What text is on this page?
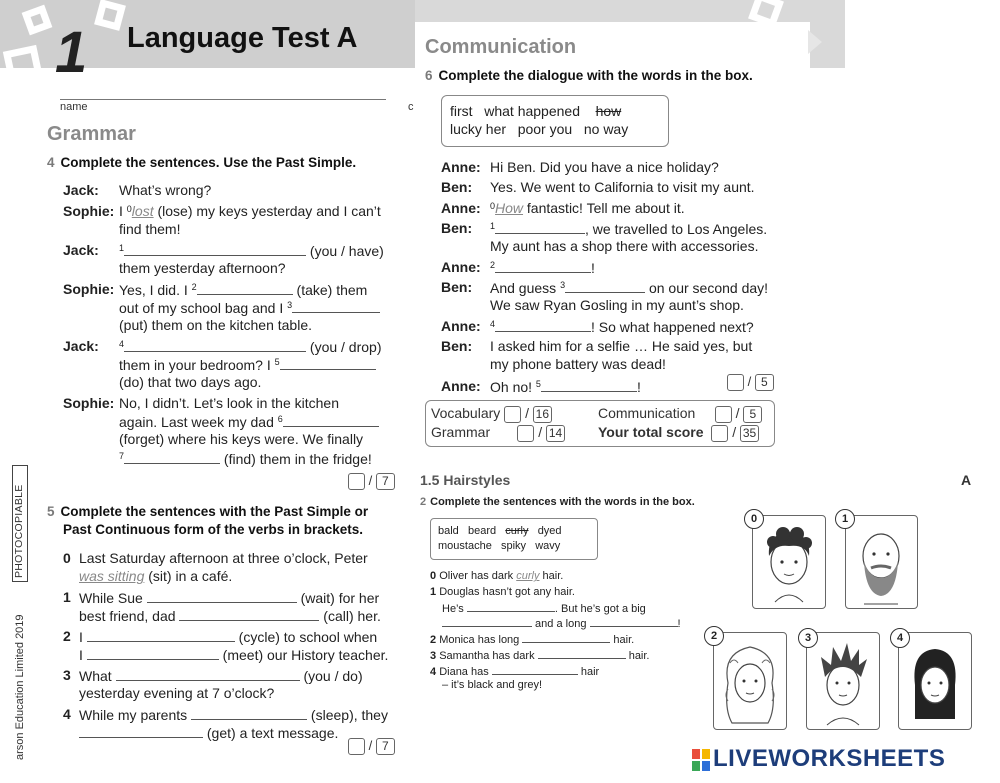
1 Language Test A
name	c
arson Education Limited 2019
PHOTOCOPIABLE
Grammar
4 Complete the sentences. Use the Past Simple.
Jack: What’s wrong?
Sophie: I $^0$lost (lose) my keys yesterday and I can’t
find them!
Jack: $^1$	(you / have)
them yesterday afternoon?
Sophie: Yes, I did. I $^2$	(take) them
out of my school bag and I $^3$
(put) them on the kitchen table.
Jack: $^4$	(you / drop)
them in your bedroom? I $^5$
(do) that two days ago.
Sophie: No, I didn’t. Let’s look in the kitchen
again. Last week my dad $^6$
(forget) where his keys were. We finally
$^7$	(find) them in the fridge!
/ 7
5 Complete the sentences with the Past Simple or
Past Continuous form of the verbs in brackets.
0 Last Saturday afternoon at three o’clock, Peter
was sitting (sit) in a café.
1 While Sue	(wait) for her
best friend, dad	(call) her.
2 I	(cycle) to school when
I	(meet) our History teacher.
3 What	(you / do)
yesterday evening at 7 o’clock?
4 While my parents	(sleep), they
(get) a text message.
/ 7
Communication
6 Complete the dialogue with the words in the box.
first what happened how
lucky her poor you no way
Anne: Hi Ben. Did you have a nice holiday?
Ben: Yes. We went to California to visit my aunt.
Anne: $^0$How fantastic! Tell me about it.
Ben: $^1$	, we travelled to Los Angeles.
My aunt has a shop there with accessories.
Anne: $^2$	!
Ben: And guess $^3$	on our second day!
We saw Ryan Gosling in my aunt’s shop.
Anne: $^4$	! So what happened next?
Ben: I asked him for a selfie … He said yes, but
my phone battery was dead!
Anne: Oh no! $^5$	!	/ 5
Vocabulary / 16
Grammar	/ 14
Communication	/ 5
Your total score / 35
1.5 Hairstyles	A
2 Complete the sentences with the words in the box.
bald beard curly dyed
moustache spiky wavy
0 Oliver has dark curly hair.
1 Douglas hasn’t got any hair.
He’s	. But he’s got a big
and a long	!
2 Monica has long	hair.
3 Samantha has dark	hair.
4 Diana has	hair
– it’s black and grey!
0	1
2	3	4
LIVEWORKSHEETS
